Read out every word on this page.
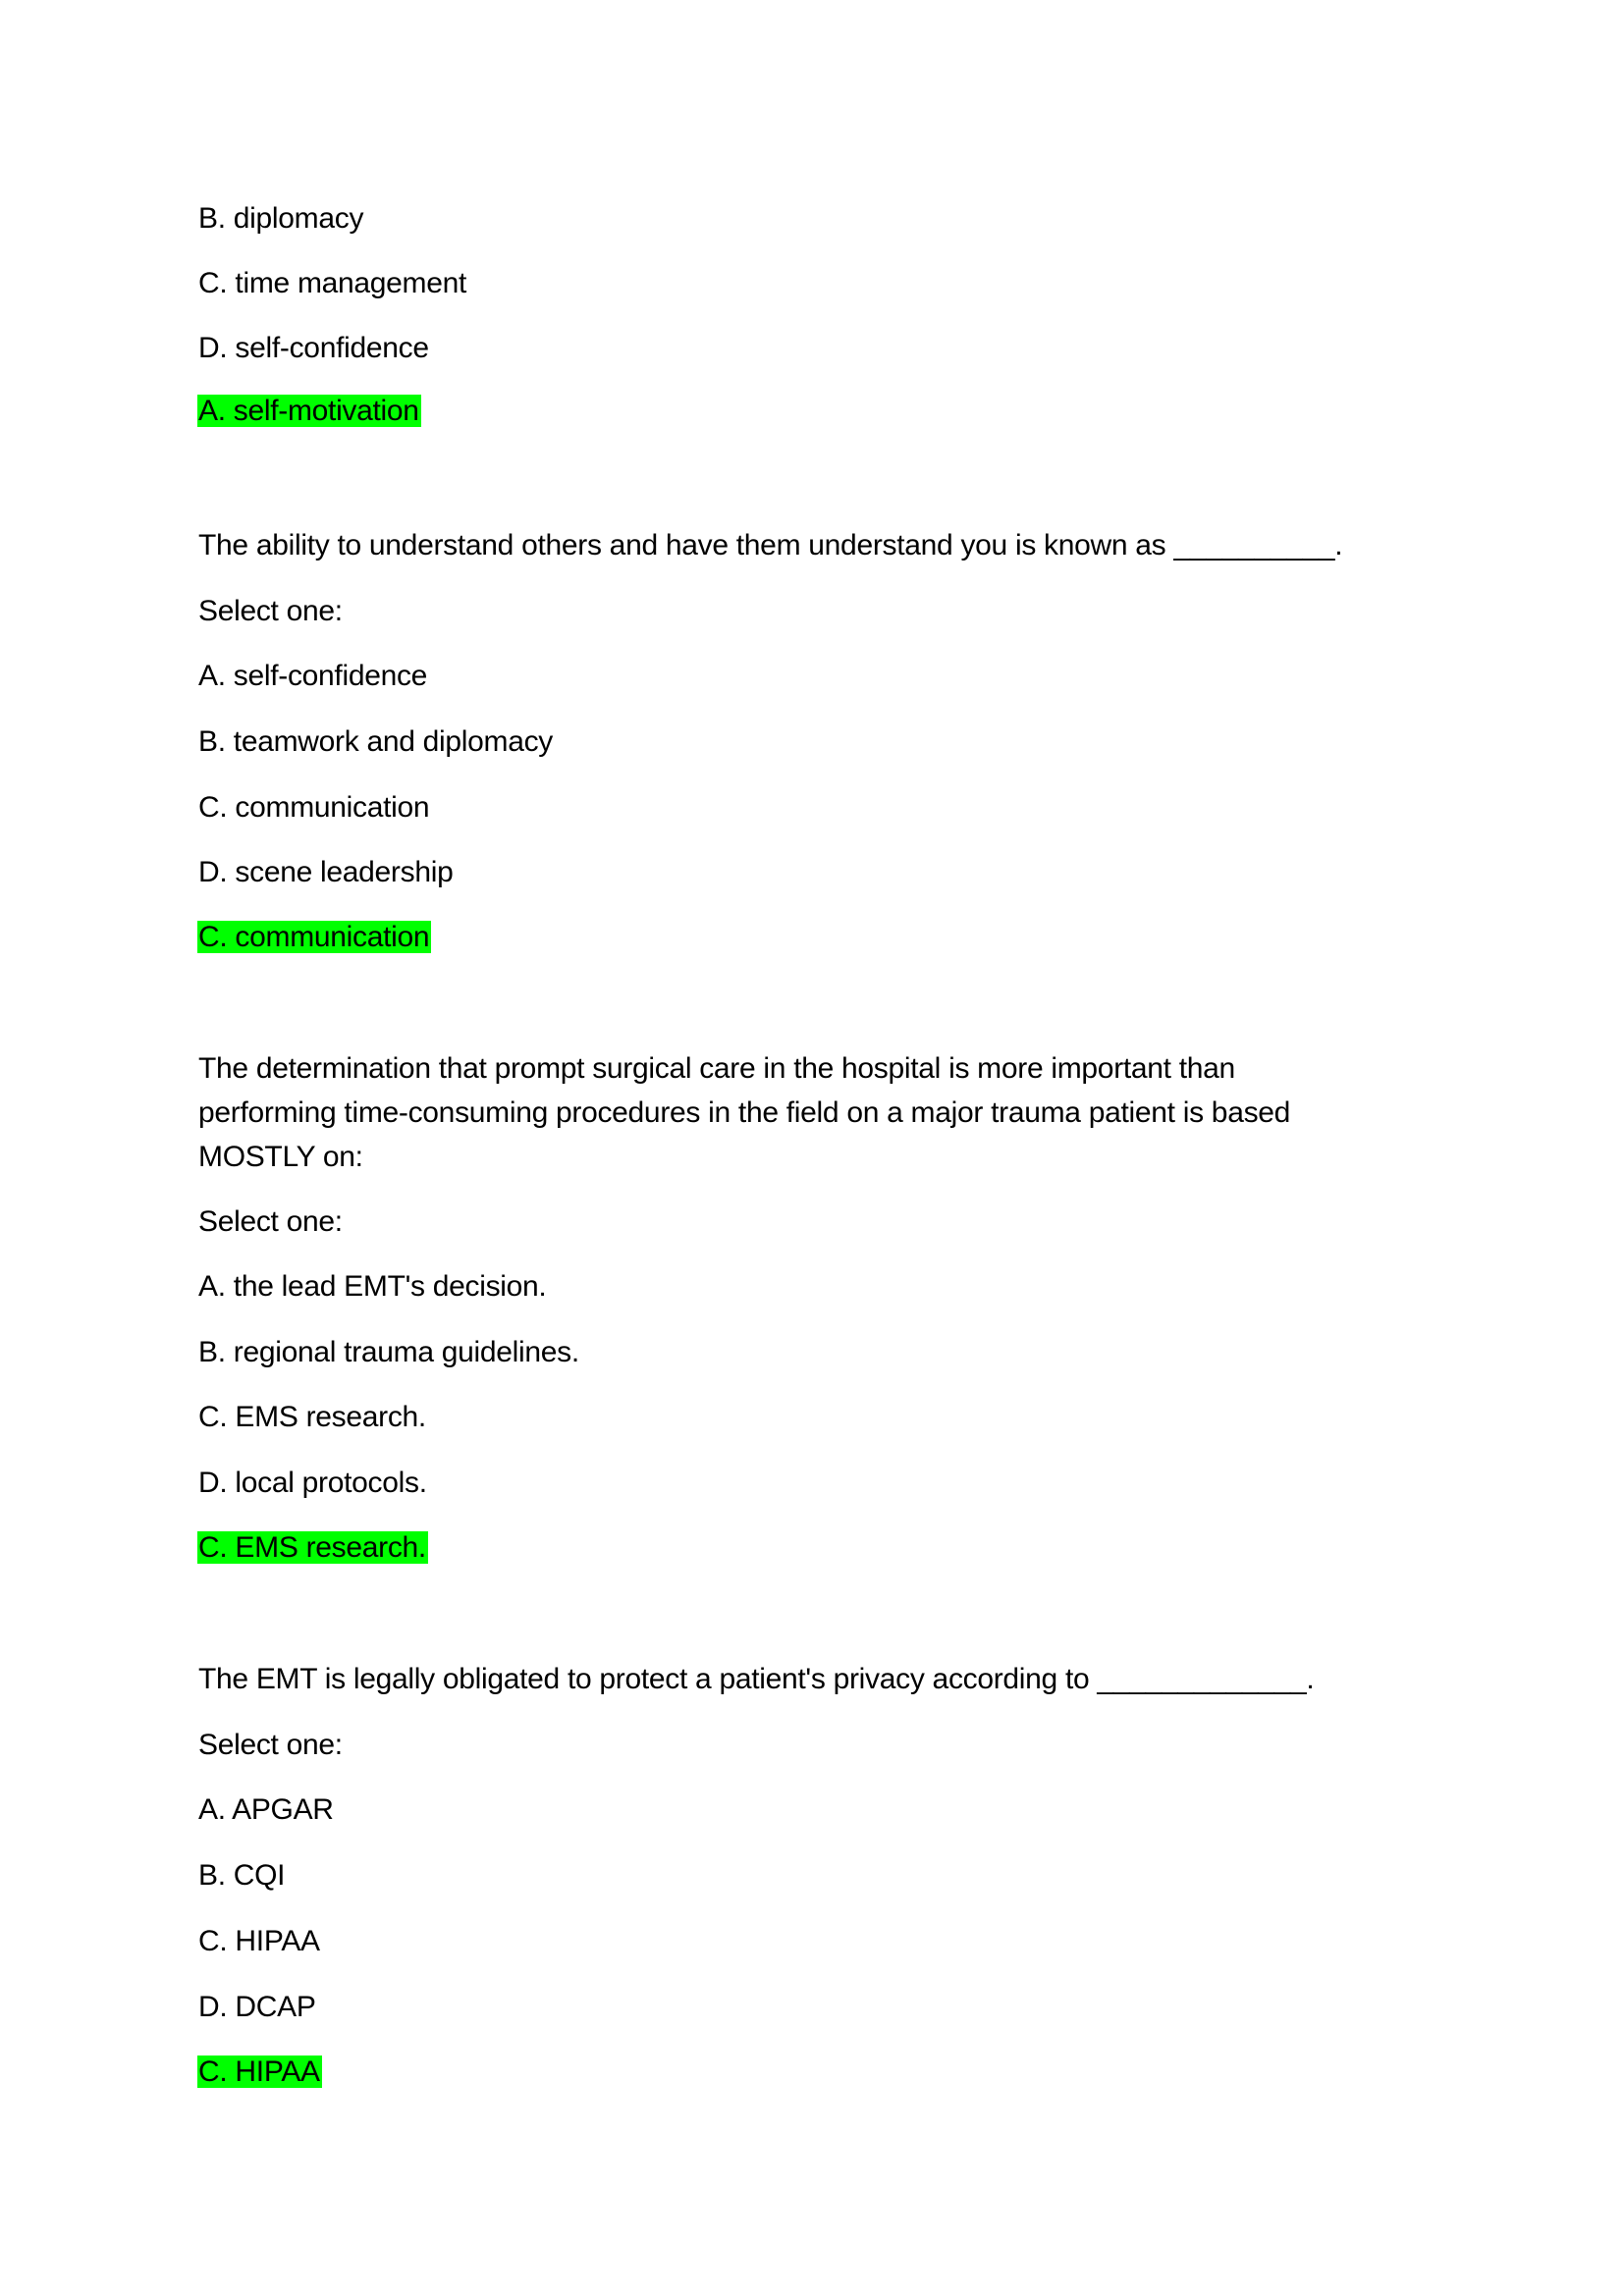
B. diplomacy
C. time management
D. self-confidence
A. self-motivation
The ability to understand others and have them understand you is known as __________.
Select one:
A. self-confidence
B. teamwork and diplomacy
C. communication
D. scene leadership
C. communication
The determination that prompt surgical care in the hospital is more important than
performing time-consuming procedures in the field on a major trauma patient is based
MOSTLY on:
Select one:
A. the lead EMT's decision.
B. regional trauma guidelines.
C. EMS research.
D. local protocols.
C. EMS research.
The EMT is legally obligated to protect a patient's privacy according to _____________.
Select one:
A. APGAR
B. CQI
C. HIPAA
D. DCAP
C. HIPAA
